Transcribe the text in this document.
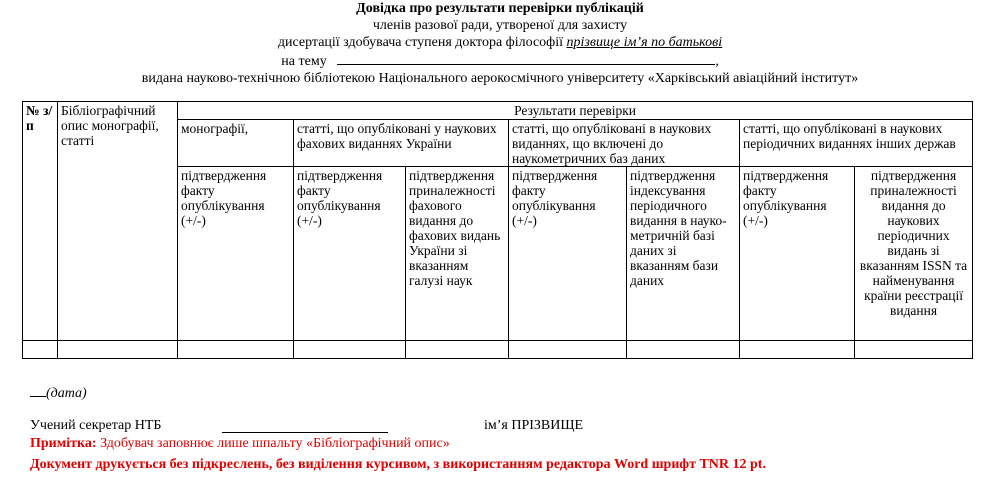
Довідка про результати перевірки публікацій
членів разової ради, утвореної для захисту
дисертації здобувача ступеня доктора філософії прізвище ім’я по батькові
на тему	,
видана науково-технічною бібліотекою Національного аерокосмічного університету «Харківський авіаційний інститут»
№ з/п	Бібліографічний опис монографії, статті	Результати перевірки						
		монографії,	статті, що опубліковані у наукових фахових виданнях України		статті, що опубліковані в наукових виданнях, що включені до наукометричних баз даних		статті, що опубліковані в наукових періодичних виданнях інших держав	
		підтвердження факту опублікування (+/-)	підтвердження факту опублікування (+/-)	підтвердження приналежності фахового видання до фахових видань України зі вказанням галузі наук	підтвердження факту опублікування (+/-)	підтвердження індексування періодичного видання в науко-метричній базі даних зі вказанням бази даних	підтвердження факту опублікування (+/-)	підтвердження приналежності видання до наукових періодичних видань зі вказанням ISSN та найменування країни реєстрації видання

(дата)
Учений секретар НТБ	ім’я ПРІЗВИЩЕ
Примітка: Здобувач заповнює лише шпальту «Бібліографічний опис»
Документ друкується без підкреслень, без виділення курсивом, з використанням редактора Word шрифт TNR 12 pt.
